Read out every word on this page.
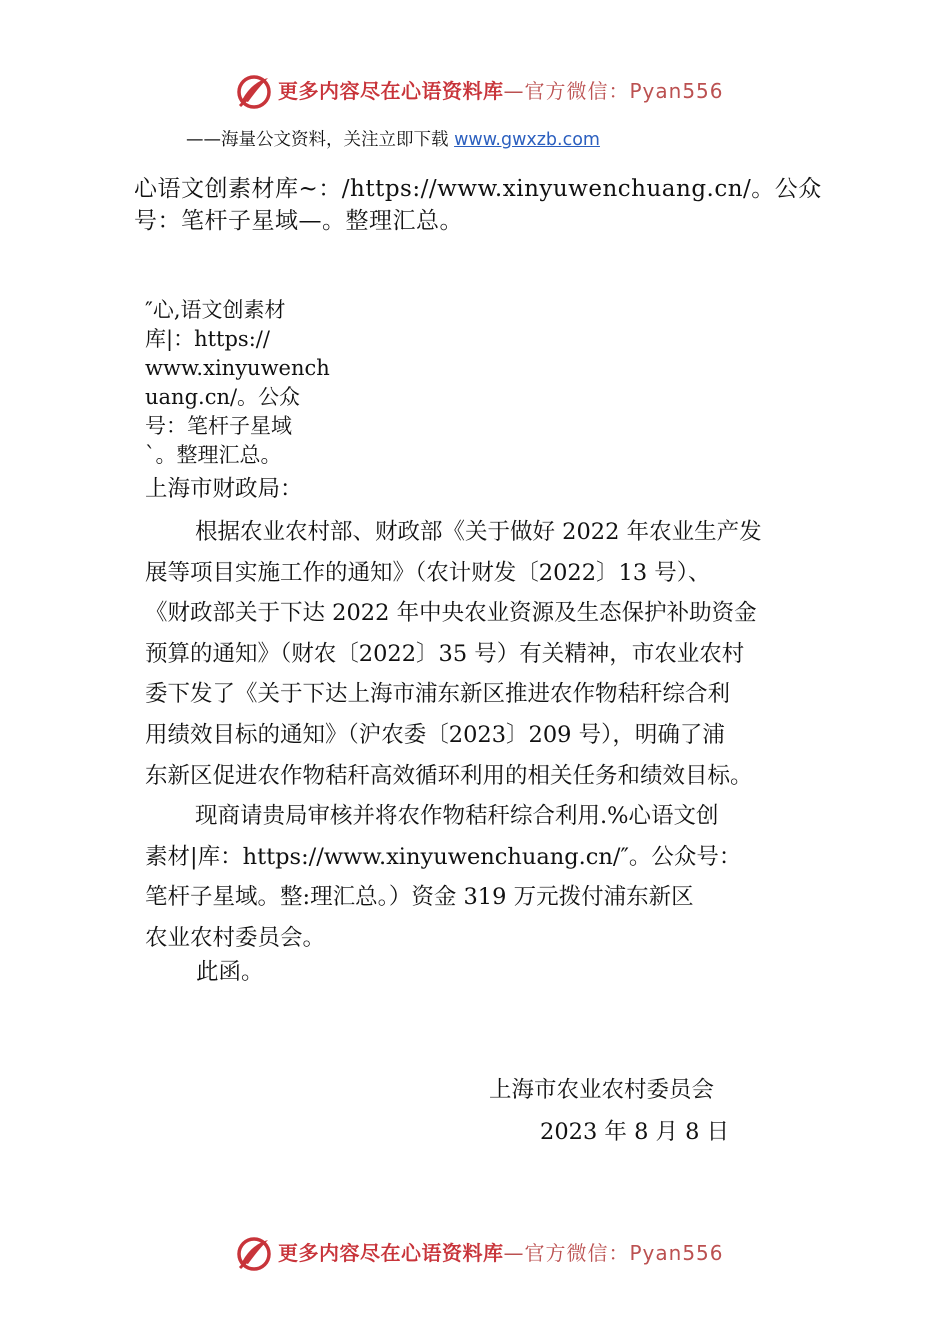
更多内容尽在心语资料库—官方微信：Pyan556
——海量公文资料，关注立即下载 www.gwxzb.com
心语文创素材库~：/https://www.xinyuwenchuang.cn/。公众
号：笔杆子星域—。整理汇总。
″心,语文创素材
库|：https://
www.xinyuwench
uang.cn/。公众
号：笔杆子星域
`。整理汇总。
上海市财政局：

根据农业农村部、财政部《关于做好 2022 年农业生产发
展等项目实施工作的通知》（农计财发〔2022〕13 号）、
《财政部关于下达 2022 年中央农业资源及生态保护补助资金
预算的通知》（财农〔2022〕35 号）有关精神，市农业农村
委下发了《关于下达上海市浦东新区推进农作物秸秆综合利
用绩效目标的通知》（沪农委〔2023〕209 号），明确了浦
东新区促进农作物秸秆高效循环利用的相关任务和绩效目标。

现商请贵局审核并将农作物秸秆综合利用.%心语文创
素材|库：https://www.xinyuwenchuang.cn/″。公众号：
笔杆子星域。整:理汇总。）资金 319 万元拨付浦东新区
农业农村委员会。

此函。
上海市农业农村委员会
2023 年 8 月 8 日
更多内容尽在心语资料库—官方微信：Pyan556
